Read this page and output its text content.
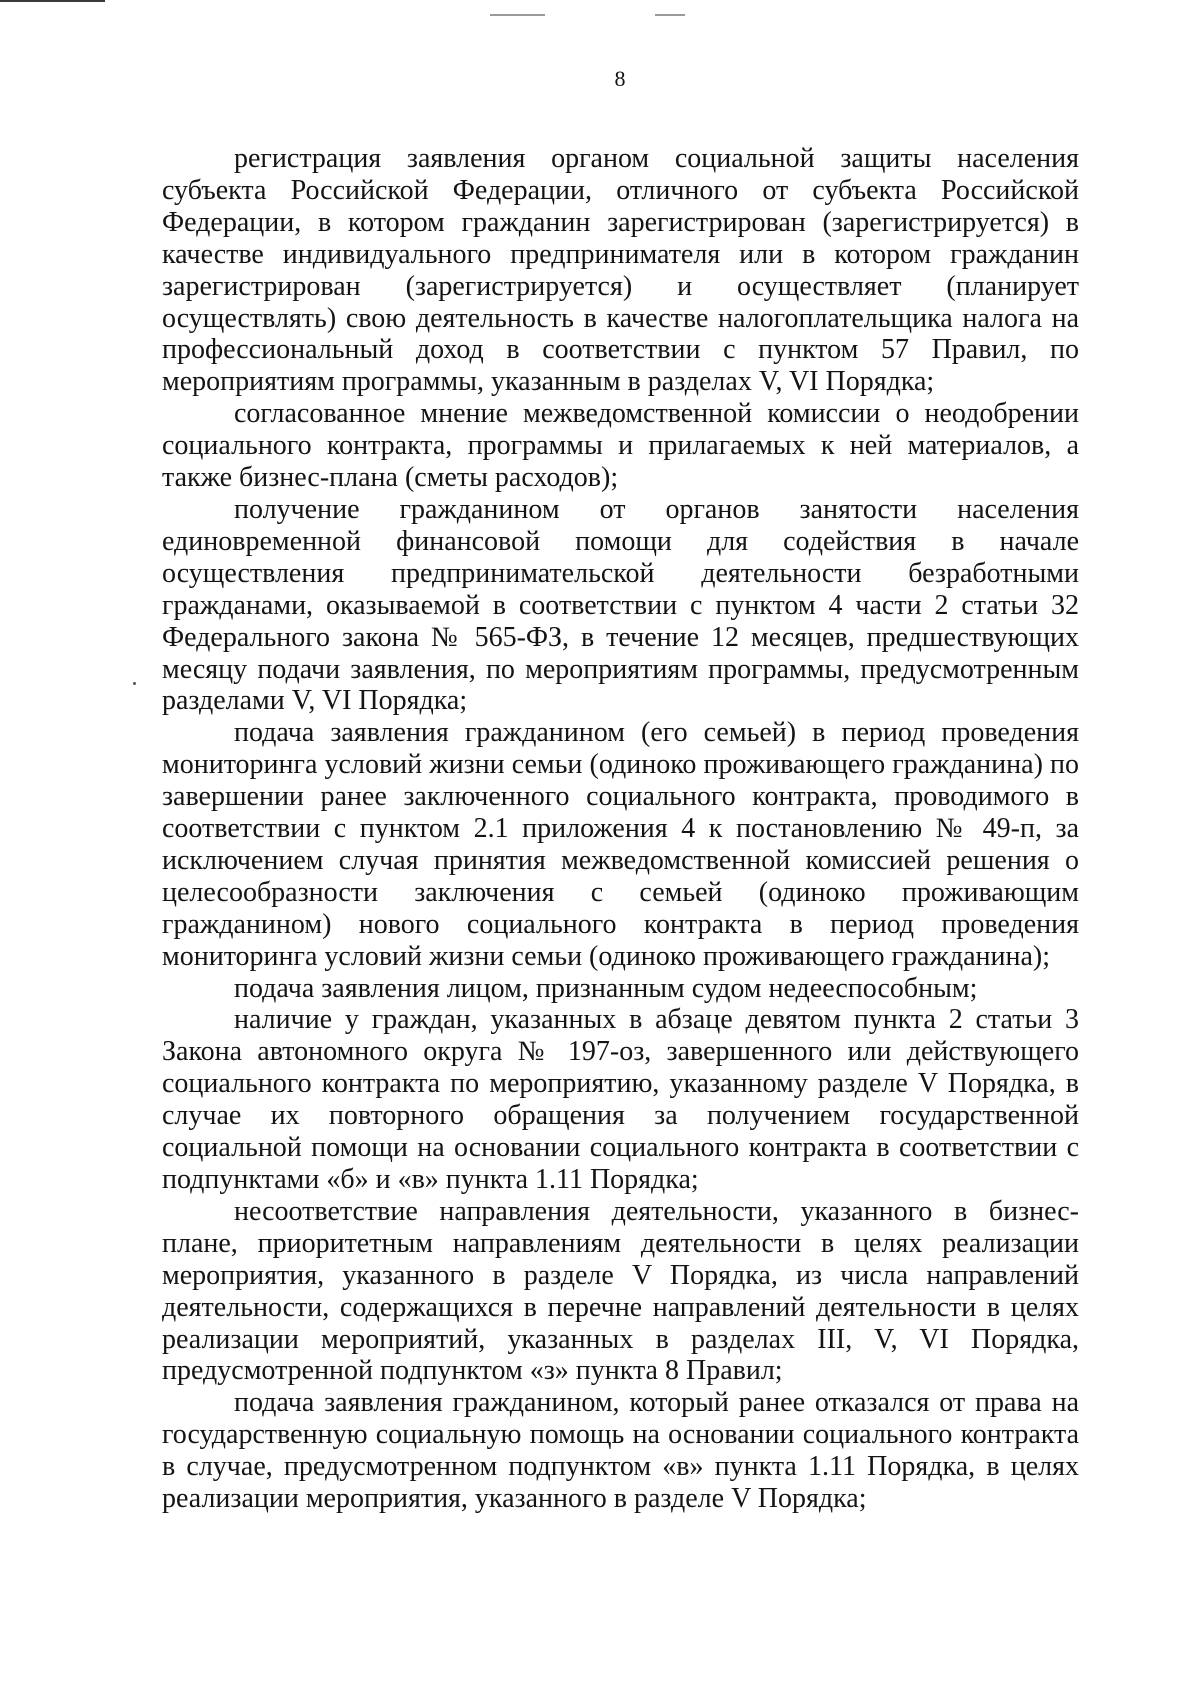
8

регистрация заявления органом социальной защиты населения субъекта Российской Федерации, отличного от субъекта Российской Федерации, в котором гражданин зарегистрирован (зарегистрируется) в качестве индивидуального предпринимателя или в котором гражданин зарегистрирован (зарегистрируется) и осуществляет (планирует осуществлять) свою деятельность в качестве налогоплательщика налога на профессиональный доход в соответствии с пунктом 57 Правил, по мероприятиям программы, указанным в разделах V, VI Порядка;

согласованное мнение межведомственной комиссии о неодобрении социального контракта, программы и прилагаемых к ней материалов, а также бизнес-плана (сметы расходов);

получение гражданином от органов занятости населения единовременной финансовой помощи для содействия в начале осуществления предпринимательской деятельности безработными гражданами, оказываемой в соответствии с пунктом 4 части 2 статьи 32 Федерального закона № 565-ФЗ, в течение 12 месяцев, предшествующих месяцу подачи заявления, по мероприятиям программы, предусмотренным разделами V, VI Порядка;

подача заявления гражданином (его семьей) в период проведения мониторинга условий жизни семьи (одиноко проживающего гражданина) по завершении ранее заключенного социального контракта, проводимого в соответствии с пунктом 2.1 приложения 4 к постановлению № 49-п, за исключением случая принятия межведомственной комиссией решения о целесообразности заключения с семьей (одиноко проживающим гражданином) нового социального контракта в период проведения мониторинга условий жизни семьи (одиноко проживающего гражданина);

подача заявления лицом, признанным судом недееспособным;

наличие у граждан, указанных в абзаце девятом пункта 2 статьи 3 Закона автономного округа № 197-оз, завершенного или действующего социального контракта по мероприятию, указанному разделе V Порядка, в случае их повторного обращения за получением государственной социальной помощи на основании социального контракта в соответствии с подпунктами «б» и «в» пункта 1.11 Порядка;

несоответствие направления деятельности, указанного в бизнес-плане, приоритетным направлениям деятельности в целях реализации мероприятия, указанного в разделе V Порядка, из числа направлений деятельности, содержащихся в перечне направлений деятельности в целях реализации мероприятий, указанных в разделах III, V, VI Порядка, предусмотренной подпунктом «з» пункта 8 Правил;

подача заявления гражданином, который ранее отказался от права на государственную социальную помощь на основании социального контракта в случае, предусмотренном подпунктом «в» пункта 1.11 Порядка, в целях реализации мероприятия, указанного в разделе V Порядка;
